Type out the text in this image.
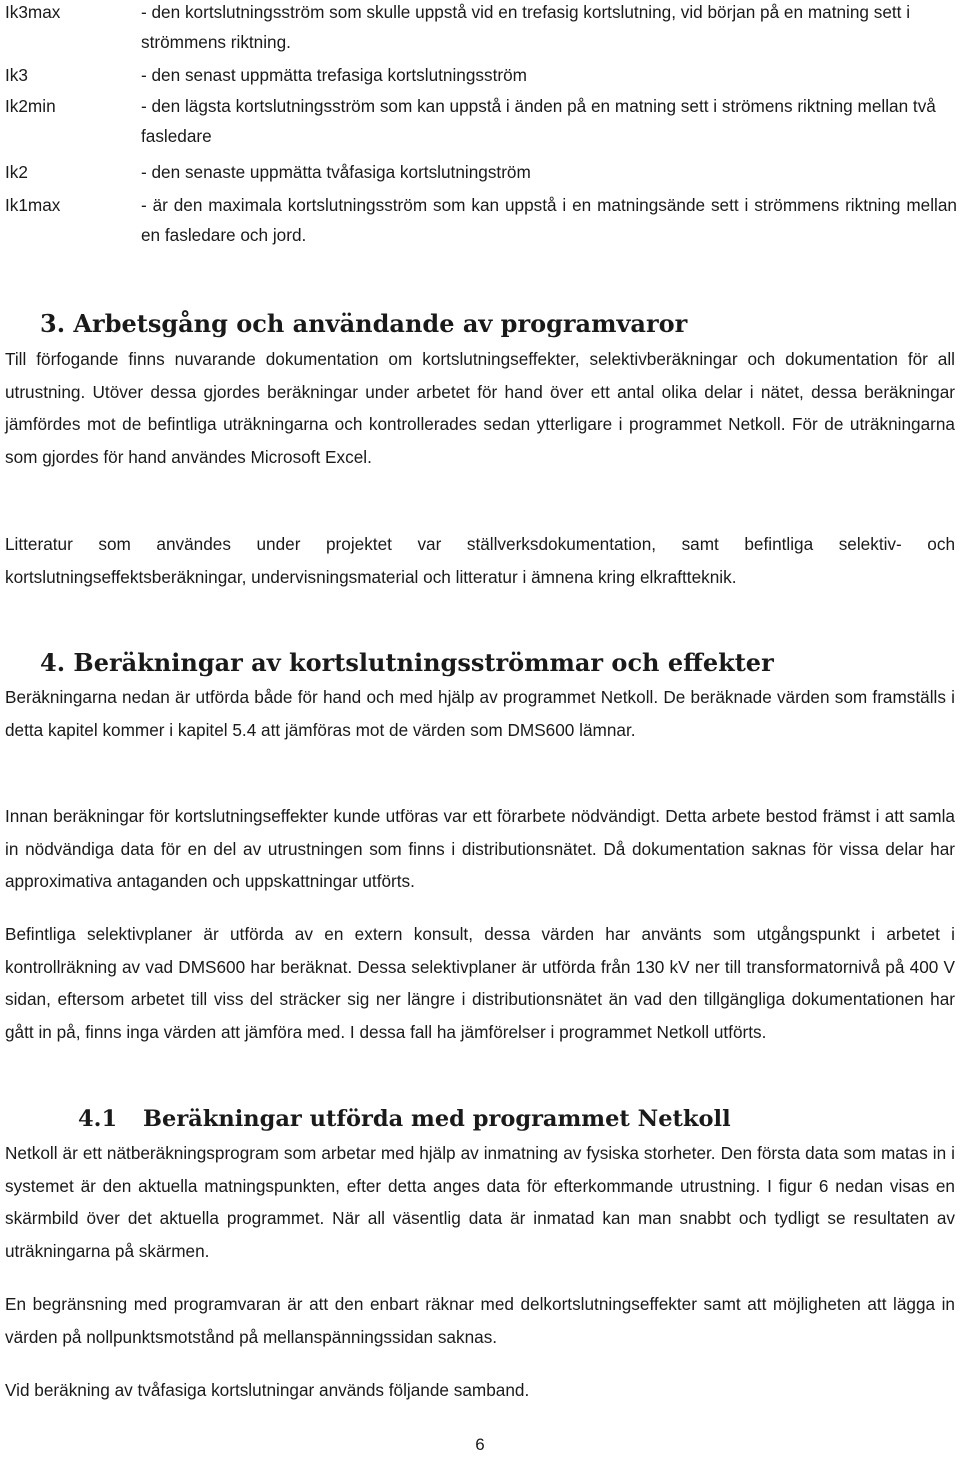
Ik3max	- den kortslutningsström som skulle uppstå vid en trefasig kortslutning, vid början på en matning sett i strömmens riktning.
Ik3	- den senast uppmätta trefasiga kortslutningsström
Ik2min	- den lägsta kortslutningsström som kan uppstå i änden på en matning sett i strömens riktning mellan två fasledare
Ik2	- den senaste uppmätta tvåfasiga kortslutningström
Ik1max	- är den maximala kortslutningsström som kan uppstå i en matningsände sett i strömmens riktning mellan en fasledare och jord.
3. Arbetsgång och användande av programvaror
Till förfogande finns nuvarande dokumentation om kortslutningseffekter, selektivberäkningar och dokumentation för all utrustning. Utöver dessa gjordes beräkningar under arbetet för hand över ett antal olika delar i nätet, dessa beräkningar jämfördes mot de befintliga uträkningarna och kontrollerades sedan ytterligare i programmet Netkoll. För de uträkningarna som gjordes för hand användes Microsoft Excel.
Litteratur som användes under projektet var ställverksdokumentation, samt befintliga selektiv- och kortslutningseffektsberäkningar, undervisningsmaterial och litteratur i ämnena kring elkraftteknik.
4. Beräkningar av kortslutningsströmmar och effekter
Beräkningarna nedan är utförda både för hand och med hjälp av programmet Netkoll. De beräknade värden som framställs i detta kapitel kommer i kapitel 5.4 att jämföras mot de värden som DMS600 lämnar.
Innan beräkningar för kortslutningseffekter kunde utföras var ett förarbete nödvändigt. Detta arbete bestod främst i att samla in nödvändiga data för en del av utrustningen som finns i distributionsnätet. Då dokumentation saknas för vissa delar har approximativa antaganden och uppskattningar utförts.
Befintliga selektivplaner är utförda av en extern konsult, dessa värden har använts som utgångspunkt i arbetet i kontrollräkning av vad DMS600 har beräknat. Dessa selektivplaner är utförda från 130 kV ner till transformatornivå på 400 V sidan, eftersom arbetet till viss del sträcker sig ner längre i distributionsnätet än vad den tillgängliga dokumentationen har gått in på, finns inga värden att jämföra med. I dessa fall ha jämförelser i programmet Netkoll utförts.
4.1 Beräkningar utförda med programmet Netkoll
Netkoll är ett nätberäkningsprogram som arbetar med hjälp av inmatning av fysiska storheter. Den första data som matas in i systemet är den aktuella matningspunkten, efter detta anges data för efterkommande utrustning. I figur 6 nedan visas en skärmbild över det aktuella programmet. När all väsentlig data är inmatad kan man snabbt och tydligt se resultaten av uträkningarna på skärmen.
En begränsning med programvaran är att den enbart räknar med delkortslutningseffekter samt att möjligheten att lägga in värden på nollpunktsmotstånd på mellanspänningssidan saknas.
Vid beräkning av tvåfasiga kortslutningar används följande samband.
6
